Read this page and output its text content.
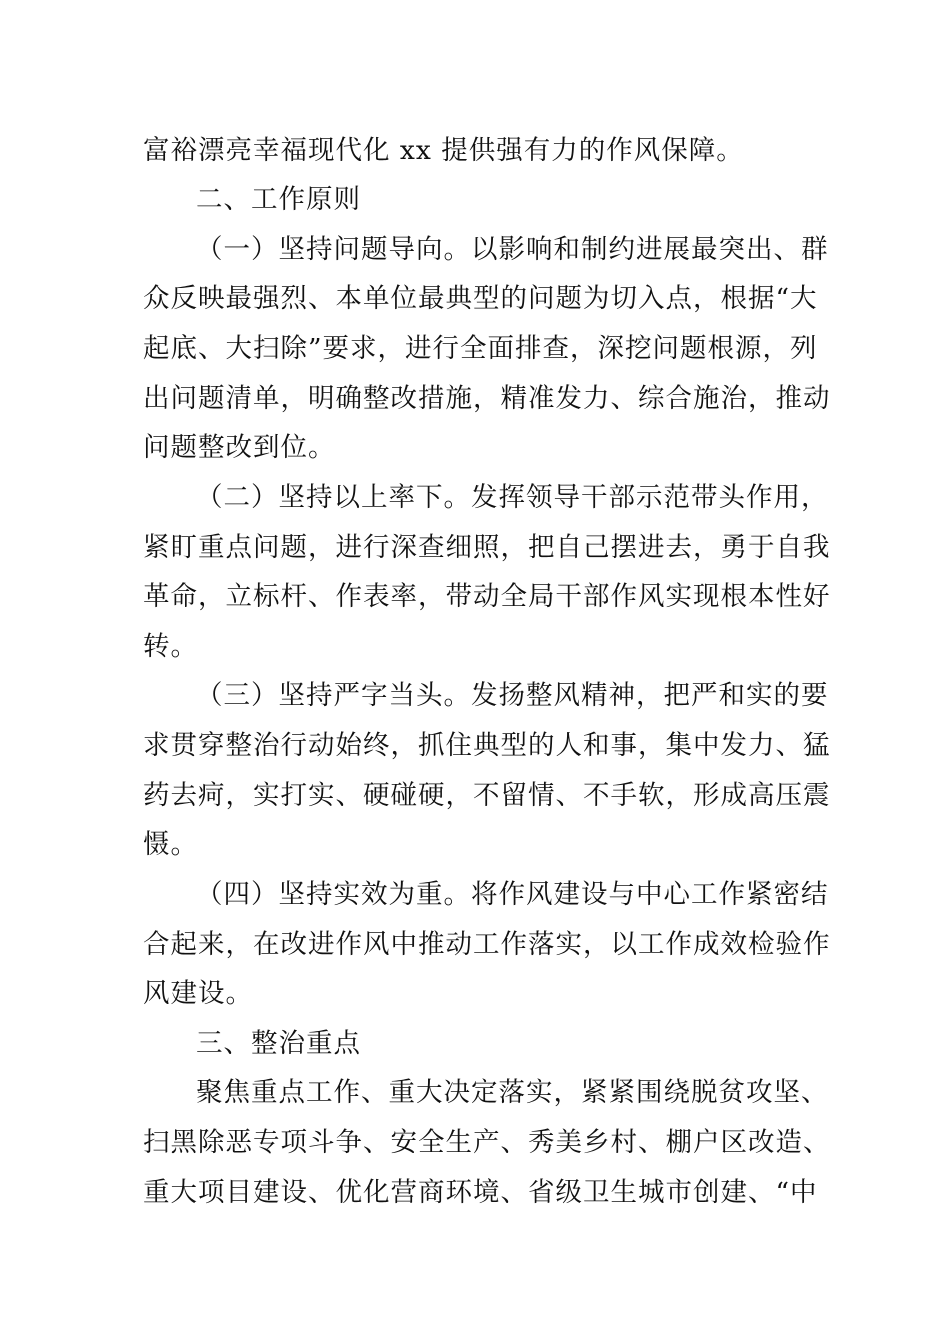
富裕漂亮幸福现代化 xx 提供强有力的作风保障。
二、工作原则
（一）坚持问题导向。以影响和制约进展最突出、群
众反映最强烈、本单位最典型的问题为切入点，根据“大
起底、大扫除”要求，进行全面排查，深挖问题根源，列
出问题清单，明确整改措施，精准发力、综合施治，推动
问题整改到位。
（二）坚持以上率下。发挥领导干部示范带头作用，
紧盯重点问题，进行深查细照，把自己摆进去，勇于自我
革命，立标杆、作表率，带动全局干部作风实现根本性好
转。
（三）坚持严字当头。发扬整风精神，把严和实的要
求贯穿整治行动始终，抓住典型的人和事，集中发力、猛
药去疴，实打实、硬碰硬，不留情、不手软，形成高压震
慑。
（四）坚持实效为重。将作风建设与中心工作紧密结
合起来，在改进作风中推动工作落实，以工作成效检验作
风建设。
三、整治重点
聚焦重点工作、重大决定落实，紧紧围绕脱贫攻坚、
扫黑除恶专项斗争、安全生产、秀美乡村、棚户区改造、
重大项目建设、优化营商环境、省级卫生城市创建、“中
